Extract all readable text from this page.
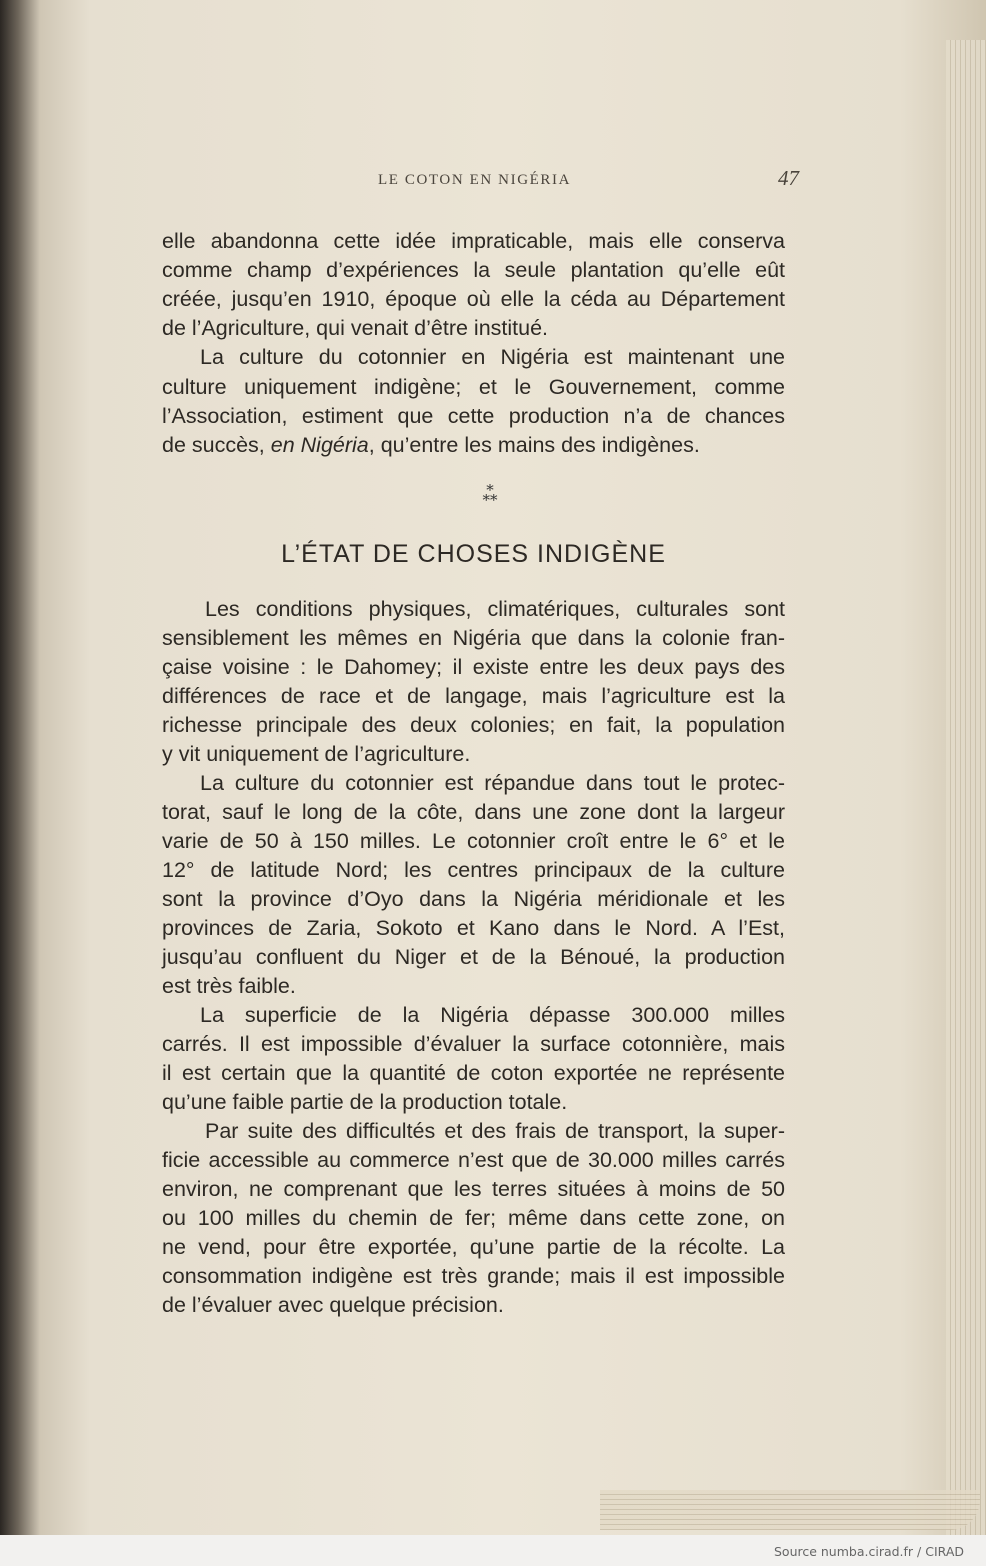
LE COTON EN NIGÉRIA	47
elle abandonna cette idée impraticable, mais elle conserva
comme champ d’expériences la seule plantation qu’elle eût
créée, jusqu’en 1910, époque où elle la céda au Département
de l’Agriculture, qui venait d’être institué.
La culture du cotonnier en Nigéria est maintenant une
culture uniquement indigène; et le Gouvernement, comme
l’Association, estiment que cette production n’a de chances
de succès, en Nigéria, qu’entre les mains des indigènes.
*
**
L’ÉTAT DE CHOSES INDIGÈNE
Les conditions physiques, climatériques, culturales sont
sensiblement les mêmes en Nigéria que dans la colonie fran-
çaise voisine : le Dahomey; il existe entre les deux pays des
différences de race et de langage, mais l’agriculture est la
richesse principale des deux colonies; en fait, la population
y vit uniquement de l’agriculture.
La culture du cotonnier est répandue dans tout le protec-
torat, sauf le long de la côte, dans une zone dont la largeur
varie de 50 à 150 milles. Le cotonnier croît entre le 6° et le
12° de latitude Nord; les centres principaux de la culture
sont la province d’Oyo dans la Nigéria méridionale et les
provinces de Zaria, Sokoto et Kano dans le Nord. A l’Est,
jusqu’au confluent du Niger et de la Bénoué, la production
est très faible.
La superficie de la Nigéria dépasse 300.000 milles
carrés. Il est impossible d’évaluer la surface cotonnière, mais
il est certain que la quantité de coton exportée ne représente
qu’une faible partie de la production totale.
Par suite des difficultés et des frais de transport, la super-
ficie accessible au commerce n’est que de 30.000 milles carrés
environ, ne comprenant que les terres situées à moins de 50
ou 100 milles du chemin de fer; même dans cette zone, on
ne vend, pour être exportée, qu’une partie de la récolte. La
consommation indigène est très grande; mais il est impossible
de l’évaluer avec quelque précision.
Source numba.cirad.fr / CIRAD
